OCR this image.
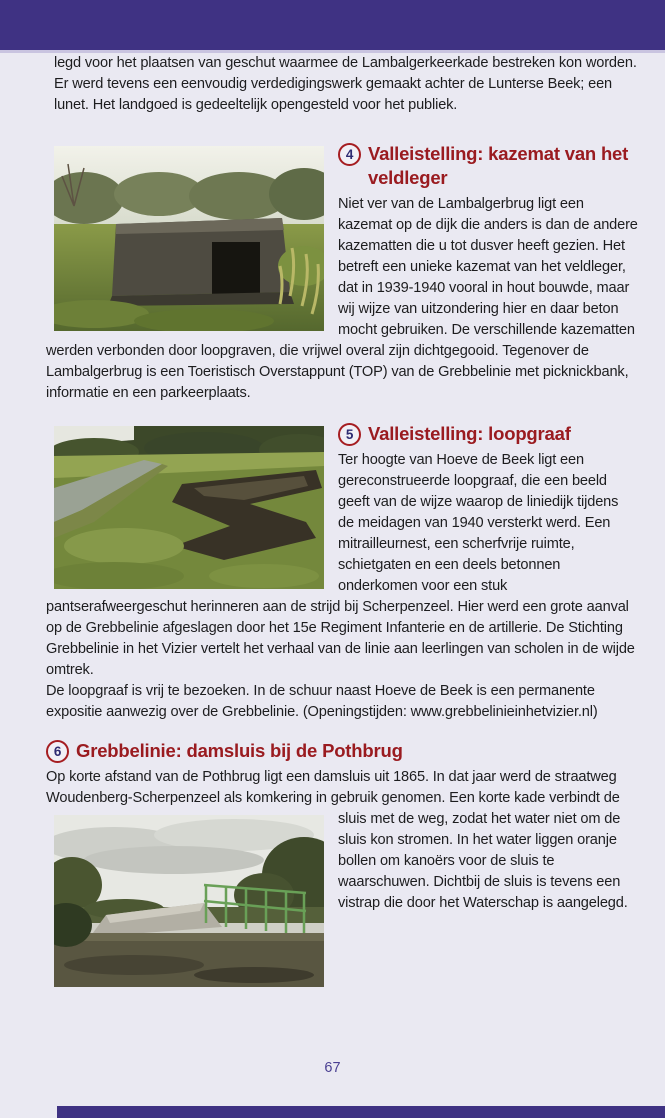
legd voor het plaatsen van geschut waarmee de Lambalgerkeerkade bestreken kon worden. Er werd tevens een eenvoudig verdedigingswerk gemaakt achter de Lunterse Beek; een lunet. Het landgoed is gedeeltelijk opengesteld voor het publiek.

4 Valleistelling: kazemat van het veldleger

Niet ver van de Lambalgerbrug ligt een kazemat op de dijk die anders is dan de andere kazematten die u tot dusver heeft gezien. Het betreft een unieke kazemat van het veldleger, dat in 1939-1940 vooral in hout bouwde, maar wij wijze van uitzondering hier en daar beton mocht gebruiken. De verschillende kazematten werden verbonden door loopgraven, die vrijwel overal zijn dichtgegooid. Tegenover de Lambalgerbrug is een Toeristisch Overstappunt (TOP) van de Grebbelinie met picknickbank, informatie en een parkeerplaats.

5 Valleistelling: loopgraaf

Ter hoogte van Hoeve de Beek ligt een gereconstrueerde loopgraaf, die een beeld geeft van de wijze waarop de liniedijk tijdens de meidagen van 1940 versterkt werd. Een mitrailleurnest, een scherfvrije ruimte, schietgaten en een deels betonnen onderkomen voor een stuk pantserafweergeschut herinneren aan de strijd bij Scherpenzeel. Hier werd een grote aanval op de Grebbelinie afgeslagen door het 15e Regiment Infanterie en de artillerie. De Stichting Grebbelinie in het Vizier vertelt het verhaal van de linie aan leerlingen van scholen in de wijde omtrek.

De loopgraaf is vrij te bezoeken. In de schuur naast Hoeve de Beek is een permanente expositie aanwezig over de Grebbelinie. (Openingstijden: www.grebbelinieinhetvizier.nl)

6 Grebbelinie: damsluis bij de Pothbrug

Op korte afstand van de Pothbrug ligt een damsluis uit 1865. In dat jaar werd de straatweg Woudenberg-Scherpenzeel als komkering in gebruik genomen. Een korte kade verbindt de

sluis met de weg, zodat het water niet om de sluis kon stromen. In het water liggen oranje bollen om kanoërs voor de sluis te waarschuwen. Dichtbij de sluis is tevens een vistrap die door het Waterschap is aangelegd.

67
